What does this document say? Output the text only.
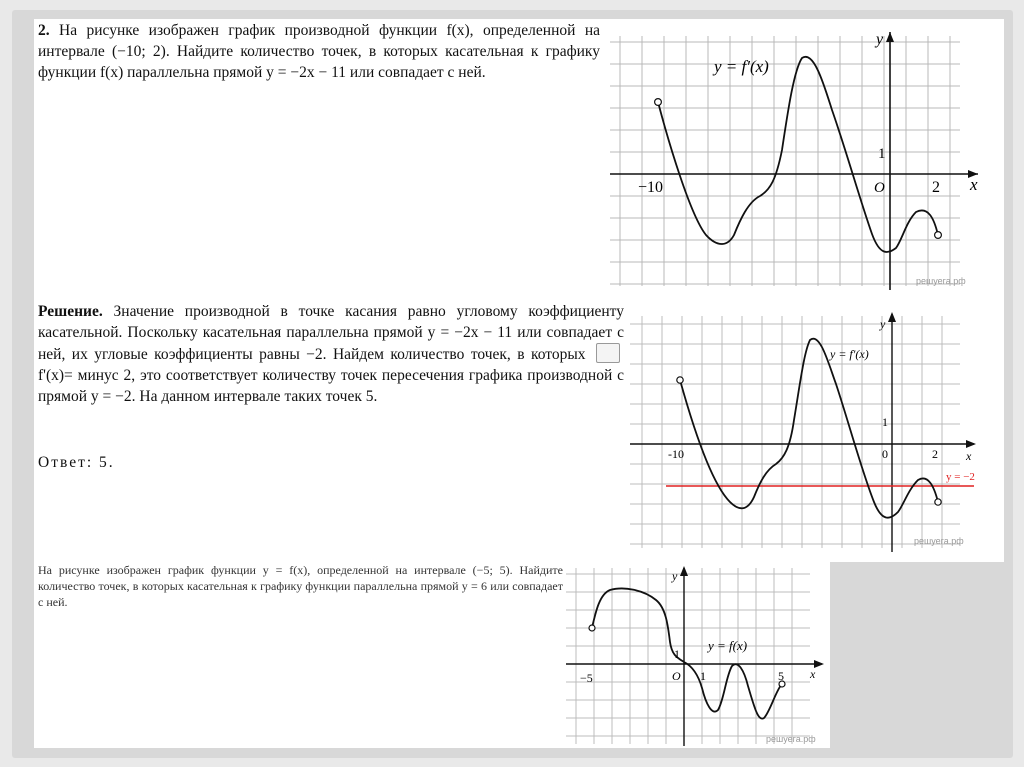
2. На рисунке изображен график производной функции f(x), определенной на интервале (−10; 2). Найдите количество точек, в которых касательная к графику функции f(x) параллельна прямой y = −2x − 11 или совпадает с ней.	y = f′(x)
y
x
−10	2
O
1
решуега.рф
Решение. Значение производной в точке касания равно угловому коэффициенту касательной. Поскольку касательная параллельна прямой y = −2x − 11 или совпадает с ней, их угловые коэффициенты равны −2. Найдем количество точек, в которых  f'(x)= минус 2, это соответствует количеству точек пересечения графика производной с прямой y = −2. На данном интервале таких точек 5.
Ответ: 5.
y = f′(x)
y
x
-10	2
0
1
y = −2
решуега.рф
На рисунке изображен график функции y = f(x), определенной на интервале (−5; 5). Найдите количество точек, в которых касательная к графику функции параллельна прямой y = 6 или совпадает с ней.
y = f(x)
y
x
−5	5
1
O
1
решуега.рф
